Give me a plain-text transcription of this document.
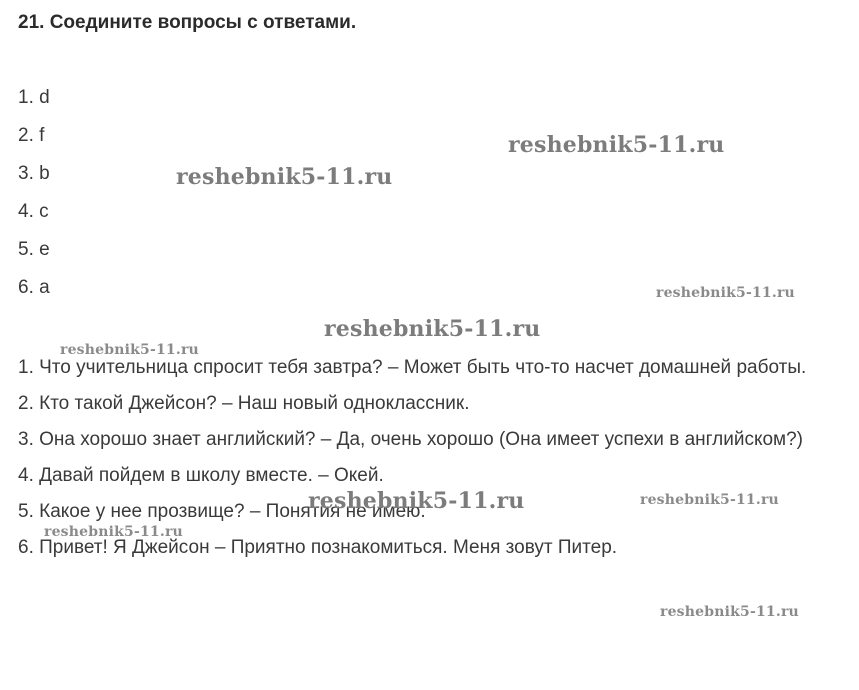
21. Соедините вопросы с ответами.
1. d
2. f
3. b
4. c
5. e
6. a

1. Что учительница спросит тебя завтра? – Может быть что-то насчет домашней работы.

2. Кто такой Джейсон? – Наш новый одноклассник.

3. Она хорошо знает английский? – Да, очень хорошо (Она имеет успехи в английском?)

4. Давай пойдем в школу вместе. – Окей.

5. Какое у нее прозвище? – Понятия не имею.

6. Привет! Я Джейсон – Приятно познакомиться. Меня зовут Питер.

reshebnik5-11.ru
reshebnik5-11.ru
reshebnik5-11.ru
reshebnik5-11.ru
reshebnik5-11.ru
reshebnik5-11.ru	reshebnik5-11.ru
reshebnik5-11.ru
reshebnik5-11.ru
